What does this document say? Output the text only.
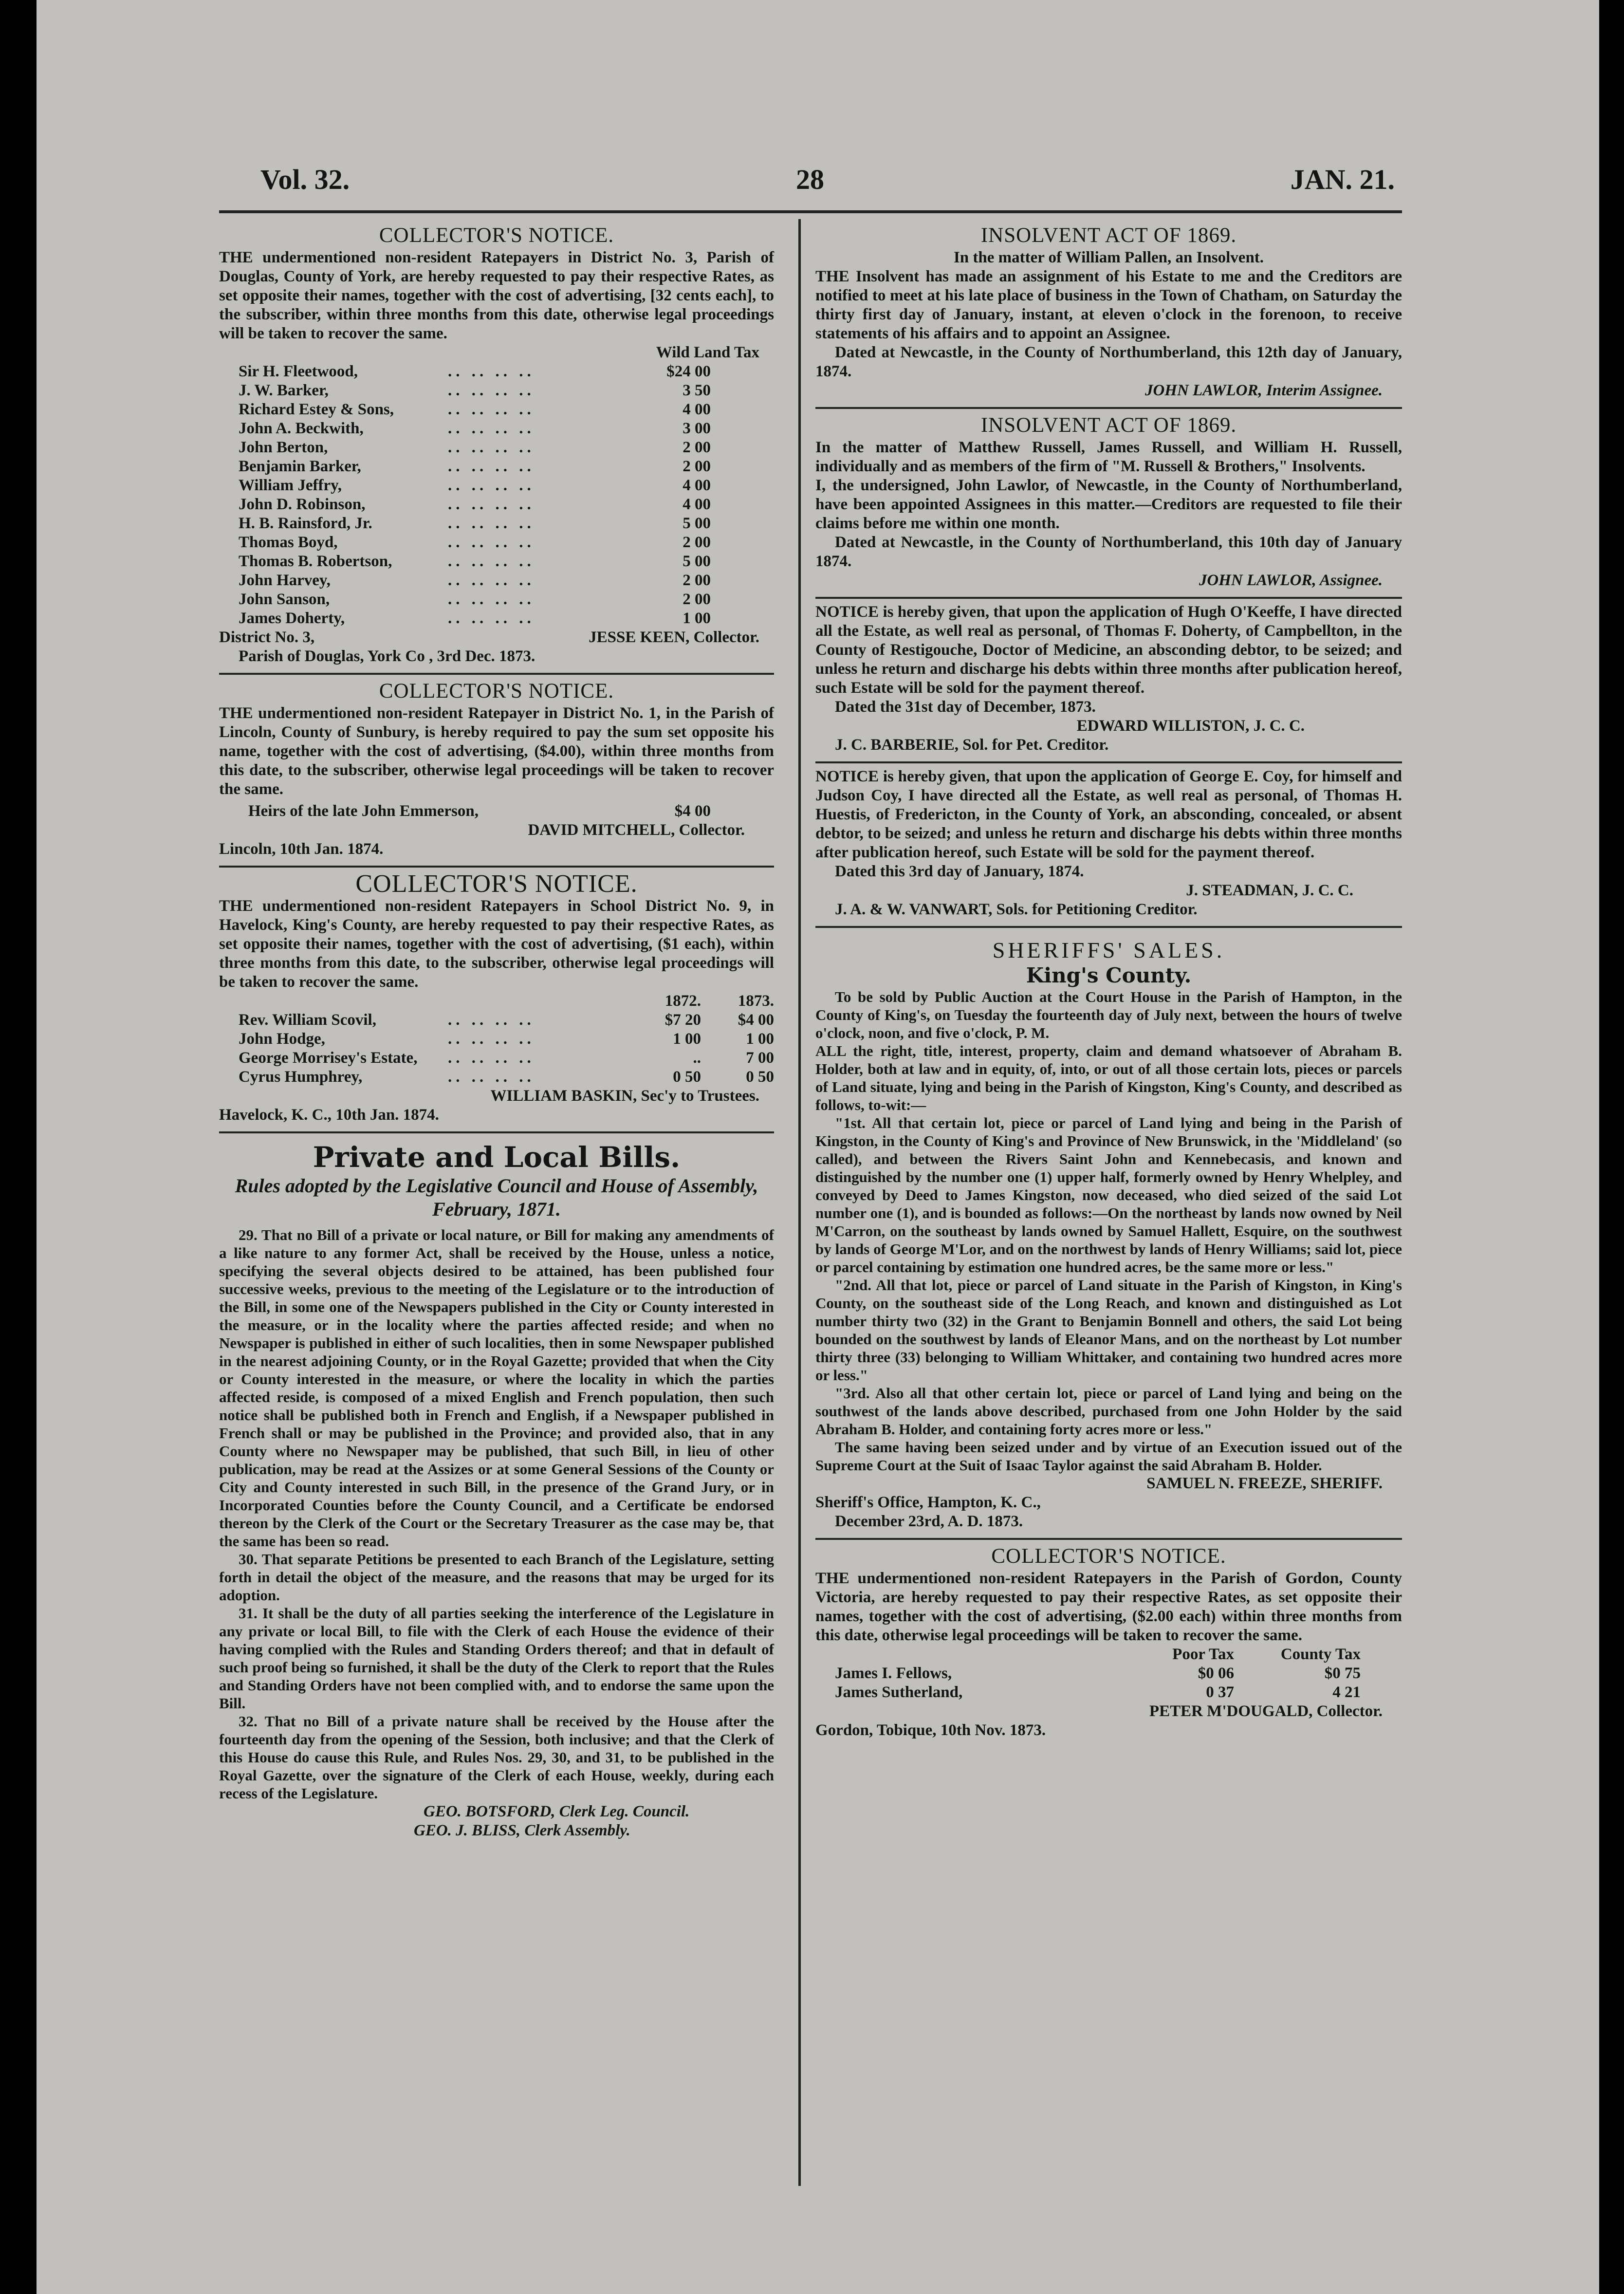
Vol. 32.	28	JAN. 21.
COLLECTOR'S NOTICE.

THE undermentioned non-resident Ratepayers in District No. 3, Parish of Douglas, County of York, are hereby requested to pay their respective Rates, as set opposite their names, together with the cost of advertising, [32 cents each], to the subscriber, within three months from this date, otherwise legal proceedings will be taken to recover the same.

Wild Land Tax
Sir H. Fleetwood,	.. .. .. ..	$24 00
J. W. Barker,	.. .. .. ..	3 50
Richard Estey & Sons,	.. .. .. ..	4 00
John A. Beckwith,	.. .. .. ..	3 00
John Berton,	.. .. .. ..	2 00
Benjamin Barker,	.. .. .. ..	2 00
William Jeffry,	.. .. .. ..	4 00
John D. Robinson,	.. .. .. ..	4 00
H. B. Rainsford, Jr.	.. .. .. ..	5 00
Thomas Boyd,	.. .. .. ..	2 00
Thomas B. Robertson,	.. .. .. ..	5 00
John Harvey,	.. .. .. ..	2 00
John Sanson,	.. .. .. ..	2 00
James Doherty,	.. .. .. ..	1 00
District No. 3,	JESSE KEEN, Collector.
Parish of Douglas, York Co , 3rd Dec. 1873.
COLLECTOR'S NOTICE.

THE undermentioned non-resident Ratepayer in District No. 1, in the Parish of Lincoln, County of Sunbury, is hereby required to pay the sum set opposite his name, together with the cost of advertising, ($4.00), within three months from this date, to the subscriber, otherwise legal proceedings will be taken to recover the same.

Heirs of the late John Emmerson,	$4 00
DAVID MITCHELL, Collector.
Lincoln, 10th Jan. 1874.
COLLECTOR'S NOTICE.

THE undermentioned non-resident Ratepayers in School District No. 9, in Havelock, King's County, are hereby requested to pay their respective Rates, as set opposite their names, together with the cost of advertising, ($1 each), within three months from this date, to the subscriber, otherwise legal proceedings will be taken to recover the same.

1872.	1873.
Rev. William Scovil,	.. .. .. ..	$7 20	$4 00
John Hodge,	.. .. .. ..	1 00	1 00
George Morrisey's Estate,	.. .. .. ..	..	7 00
Cyrus Humphrey,	.. .. .. ..	0 50	0 50
WILLIAM BASKIN, Sec'y to Trustees.
Havelock, K. C., 10th Jan. 1874.
Private and Local Bills.
Rules adopted by the Legislative Council and House of Assembly, February, 1871.

29. That no Bill of a private or local nature, or Bill for making any amendments of a like nature to any former Act, shall be received by the House, unless a notice, specifying the several objects desired to be attained, has been published four successive weeks, previous to the meeting of the Legislature or to the introduction of the Bill, in some one of the Newspapers published in the City or County interested in the measure, or in the locality where the parties affected reside; and when no Newspaper is published in either of such localities, then in some Newspaper published in the nearest adjoining County, or in the Royal Gazette; provided that when the City or County interested in the measure, or where the locality in which the parties affected reside, is composed of a mixed English and French population, then such notice shall be published both in French and English, if a Newspaper published in French shall or may be published in the Province; and provided also, that in any County where no Newspaper may be published, that such Bill, in lieu of other publication, may be read at the Assizes or at some General Sessions of the County or City and County interested in such Bill, in the presence of the Grand Jury, or in Incorporated Counties before the County Council, and a Certificate be endorsed thereon by the Clerk of the Court or the Secretary Treasurer as the case may be, that the same has been so read.

30. That separate Petitions be presented to each Branch of the Legislature, setting forth in detail the object of the measure, and the reasons that may be urged for its adoption.

31. It shall be the duty of all parties seeking the interference of the Legislature in any private or local Bill, to file with the Clerk of each House the evidence of their having complied with the Rules and Standing Orders thereof; and that in default of such proof being so furnished, it shall be the duty of the Clerk to report that the Rules and Standing Orders have not been complied with, and to endorse the same upon the Bill.

32. That no Bill of a private nature shall be received by the House after the fourteenth day from the opening of the Session, both inclusive; and that the Clerk of this House do cause this Rule, and Rules Nos. 29, 30, and 31, to be published in the Royal Gazette, over the signature of the Clerk of each House, weekly, during each recess of the Legislature.

GEO. BOTSFORD, Clerk Leg. Council.
GEO. J. BLISS, Clerk Assembly.
INSOLVENT ACT OF 1869.
In the matter of William Pallen, an Insolvent.

THE Insolvent has made an assignment of his Estate to me and the Creditors are notified to meet at his late place of business in the Town of Chatham, on Saturday the thirty first day of January, instant, at eleven o'clock in the forenoon, to receive statements of his affairs and to appoint an Assignee.

Dated at Newcastle, in the County of Northumberland, this 12th day of January, 1874.

JOHN LAWLOR, Interim Assignee.
INSOLVENT ACT OF 1869.

In the matter of Matthew Russell, James Russell, and William H. Russell, individually and as members of the firm of "M. Russell & Brothers," Insolvents.

I, the undersigned, John Lawlor, of Newcastle, in the County of Northumberland, have been appointed Assignees in this matter.—Creditors are requested to file their claims before me within one month.

Dated at Newcastle, in the County of Northumberland, this 10th day of January 1874.

JOHN LAWLOR, Assignee.

NOTICE is hereby given, that upon the application of Hugh O'Keeffe, I have directed all the Estate, as well real as personal, of Thomas F. Doherty, of Campbellton, in the County of Restigouche, Doctor of Medicine, an absconding debtor, to be seized; and unless he return and discharge his debts within three months after publication hereof, such Estate will be sold for the payment thereof.

Dated the 31st day of December, 1873.

EDWARD WILLISTON, J. C. C.
J. C. BARBERIE, Sol. for Pet. Creditor.

NOTICE is hereby given, that upon the application of George E. Coy, for himself and Judson Coy, I have directed all the Estate, as well real as personal, of Thomas H. Huestis, of Fredericton, in the County of York, an absconding, concealed, or absent debtor, to be seized; and unless he return and discharge his debts within three months after publication hereof, such Estate will be sold for the payment thereof.

Dated this 3rd day of January, 1874.

J. STEADMAN, J. C. C.
J. A. & W. VANWART, Sols. for Petitioning Creditor.
SHERIFFS' SALES.
King's County.

To be sold by Public Auction at the Court House in the Parish of Hampton, in the County of King's, on Tuesday the fourteenth day of July next, between the hours of twelve o'clock, noon, and five o'clock, P. M.

ALL the right, title, interest, property, claim and demand whatsoever of Abraham B. Holder, both at law and in equity, of, into, or out of all those certain lots, pieces or parcels of Land situate, lying and being in the Parish of Kingston, King's County, and described as follows, to-wit:—

"1st. All that certain lot, piece or parcel of Land lying and being in the Parish of Kingston, in the County of King's and Province of New Brunswick, in the 'Middleland' (so called), and between the Rivers Saint John and Kennebecasis, and known and distinguished by the number one (1) upper half, formerly owned by Henry Whelpley, and conveyed by Deed to James Kingston, now deceased, who died seized of the said Lot number one (1), and is bounded as follows:—On the northeast by lands now owned by Neil M'Carron, on the southeast by lands owned by Samuel Hallett, Esquire, on the southwest by lands of George M'Lor, and on the northwest by lands of Henry Williams; said lot, piece or parcel containing by estimation one hundred acres, be the same more or less."

"2nd. All that lot, piece or parcel of Land situate in the Parish of Kingston, in King's County, on the southeast side of the Long Reach, and known and distinguished as Lot number thirty two (32) in the Grant to Benjamin Bonnell and others, the said Lot being bounded on the southwest by lands of Eleanor Mans, and on the northeast by Lot number thirty three (33) belonging to William Whittaker, and containing two hundred acres more or less."

"3rd. Also all that other certain lot, piece or parcel of Land lying and being on the southwest of the lands above described, purchased from one John Holder by the said Abraham B. Holder, and containing forty acres more or less."

The same having been seized under and by virtue of an Execution issued out of the Supreme Court at the Suit of Isaac Taylor against the said Abraham B. Holder.

SAMUEL N. FREEZE, SHERIFF.
Sheriff's Office, Hampton, K. C.,
December 23rd, A. D. 1873.
COLLECTOR'S NOTICE.

THE undermentioned non-resident Ratepayers in the Parish of Gordon, County Victoria, are hereby requested to pay their respective Rates, as set opposite their names, together with the cost of advertising, ($2.00 each) within three months from this date, otherwise legal proceedings will be taken to recover the same.

Poor Tax	County Tax
James I. Fellows,	$0 06	$0 75
James Sutherland,	0 37	4 21
PETER M'DOUGALD, Collector.
Gordon, Tobique, 10th Nov. 1873.
